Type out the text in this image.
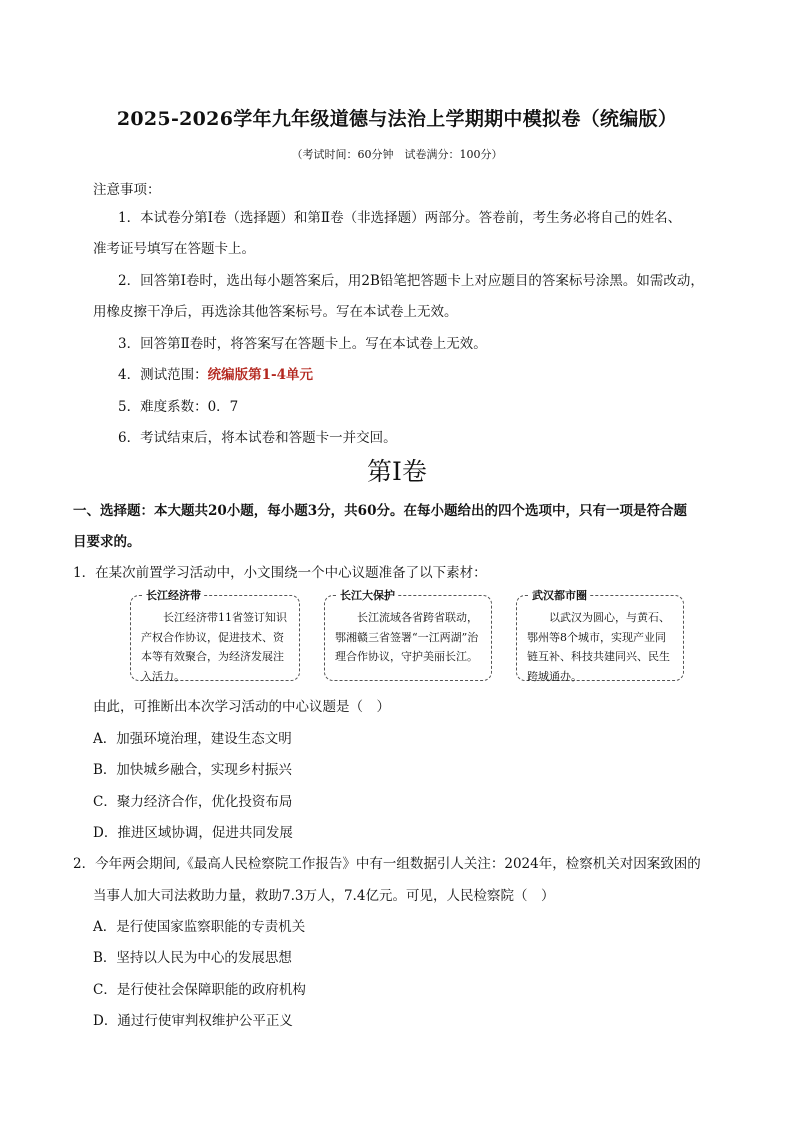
2025-2026学年九年级道德与法治上学期期中模拟卷（统编版）
（考试时间：60分钟　试卷满分：100分）
注意事项：
1．本试卷分第Ⅰ卷（选择题）和第Ⅱ卷（非选择题）两部分。答卷前，考生务必将自己的姓名、
准考证号填写在答题卡上。
2．回答第Ⅰ卷时，选出每小题答案后，用2B铅笔把答题卡上对应题目的答案标号涂黑。如需改动，
用橡皮擦干净后，再选涂其他答案标号。写在本试卷上无效。
3．回答第Ⅱ卷时，将答案写在答题卡上。写在本试卷上无效。
4．测试范围：统编版第1-4单元
5．难度系数：0．7
6．考试结束后，将本试卷和答题卡一并交回。
第Ⅰ卷
一、选择题：本大题共20小题，每小题3分，共60分。在每小题给出的四个选项中，只有一项是符合题
目要求的。
1．在某次前置学习活动中，小文围绕一个中心议题准备了以下素材：
长江经济带
长江经济带11省签订知识产权合作协议，促进技术、资本等有效聚合，为经济发展注入活力。
长江大保护
长江流域各省跨省联动，鄂湘赣三省签署“一江两湖”治理合作协议，守护美丽长江。
武汉都市圈
以武汉为圆心，与黄石、鄂州等8个城市，实现产业同链互补、科技共建同兴、民生跨城通办。
由此，可推断出本次学习活动的中心议题是（　）
A．加强环境治理，建设生态文明
B．加快城乡融合，实现乡村振兴
C．聚力经济合作，优化投资布局
D．推进区域协调，促进共同发展
2．今年两会期间,《最高人民检察院工作报告》中有一组数据引人关注：2024年，检察机关对因案致困的
当事人加大司法救助力量，救助7.3万人，7.4亿元。可见，人民检察院（　）
A．是行使国家监察职能的专责机关
B．坚持以人民为中心的发展思想
C．是行使社会保障职能的政府机构
D．通过行使审判权维护公平正义
